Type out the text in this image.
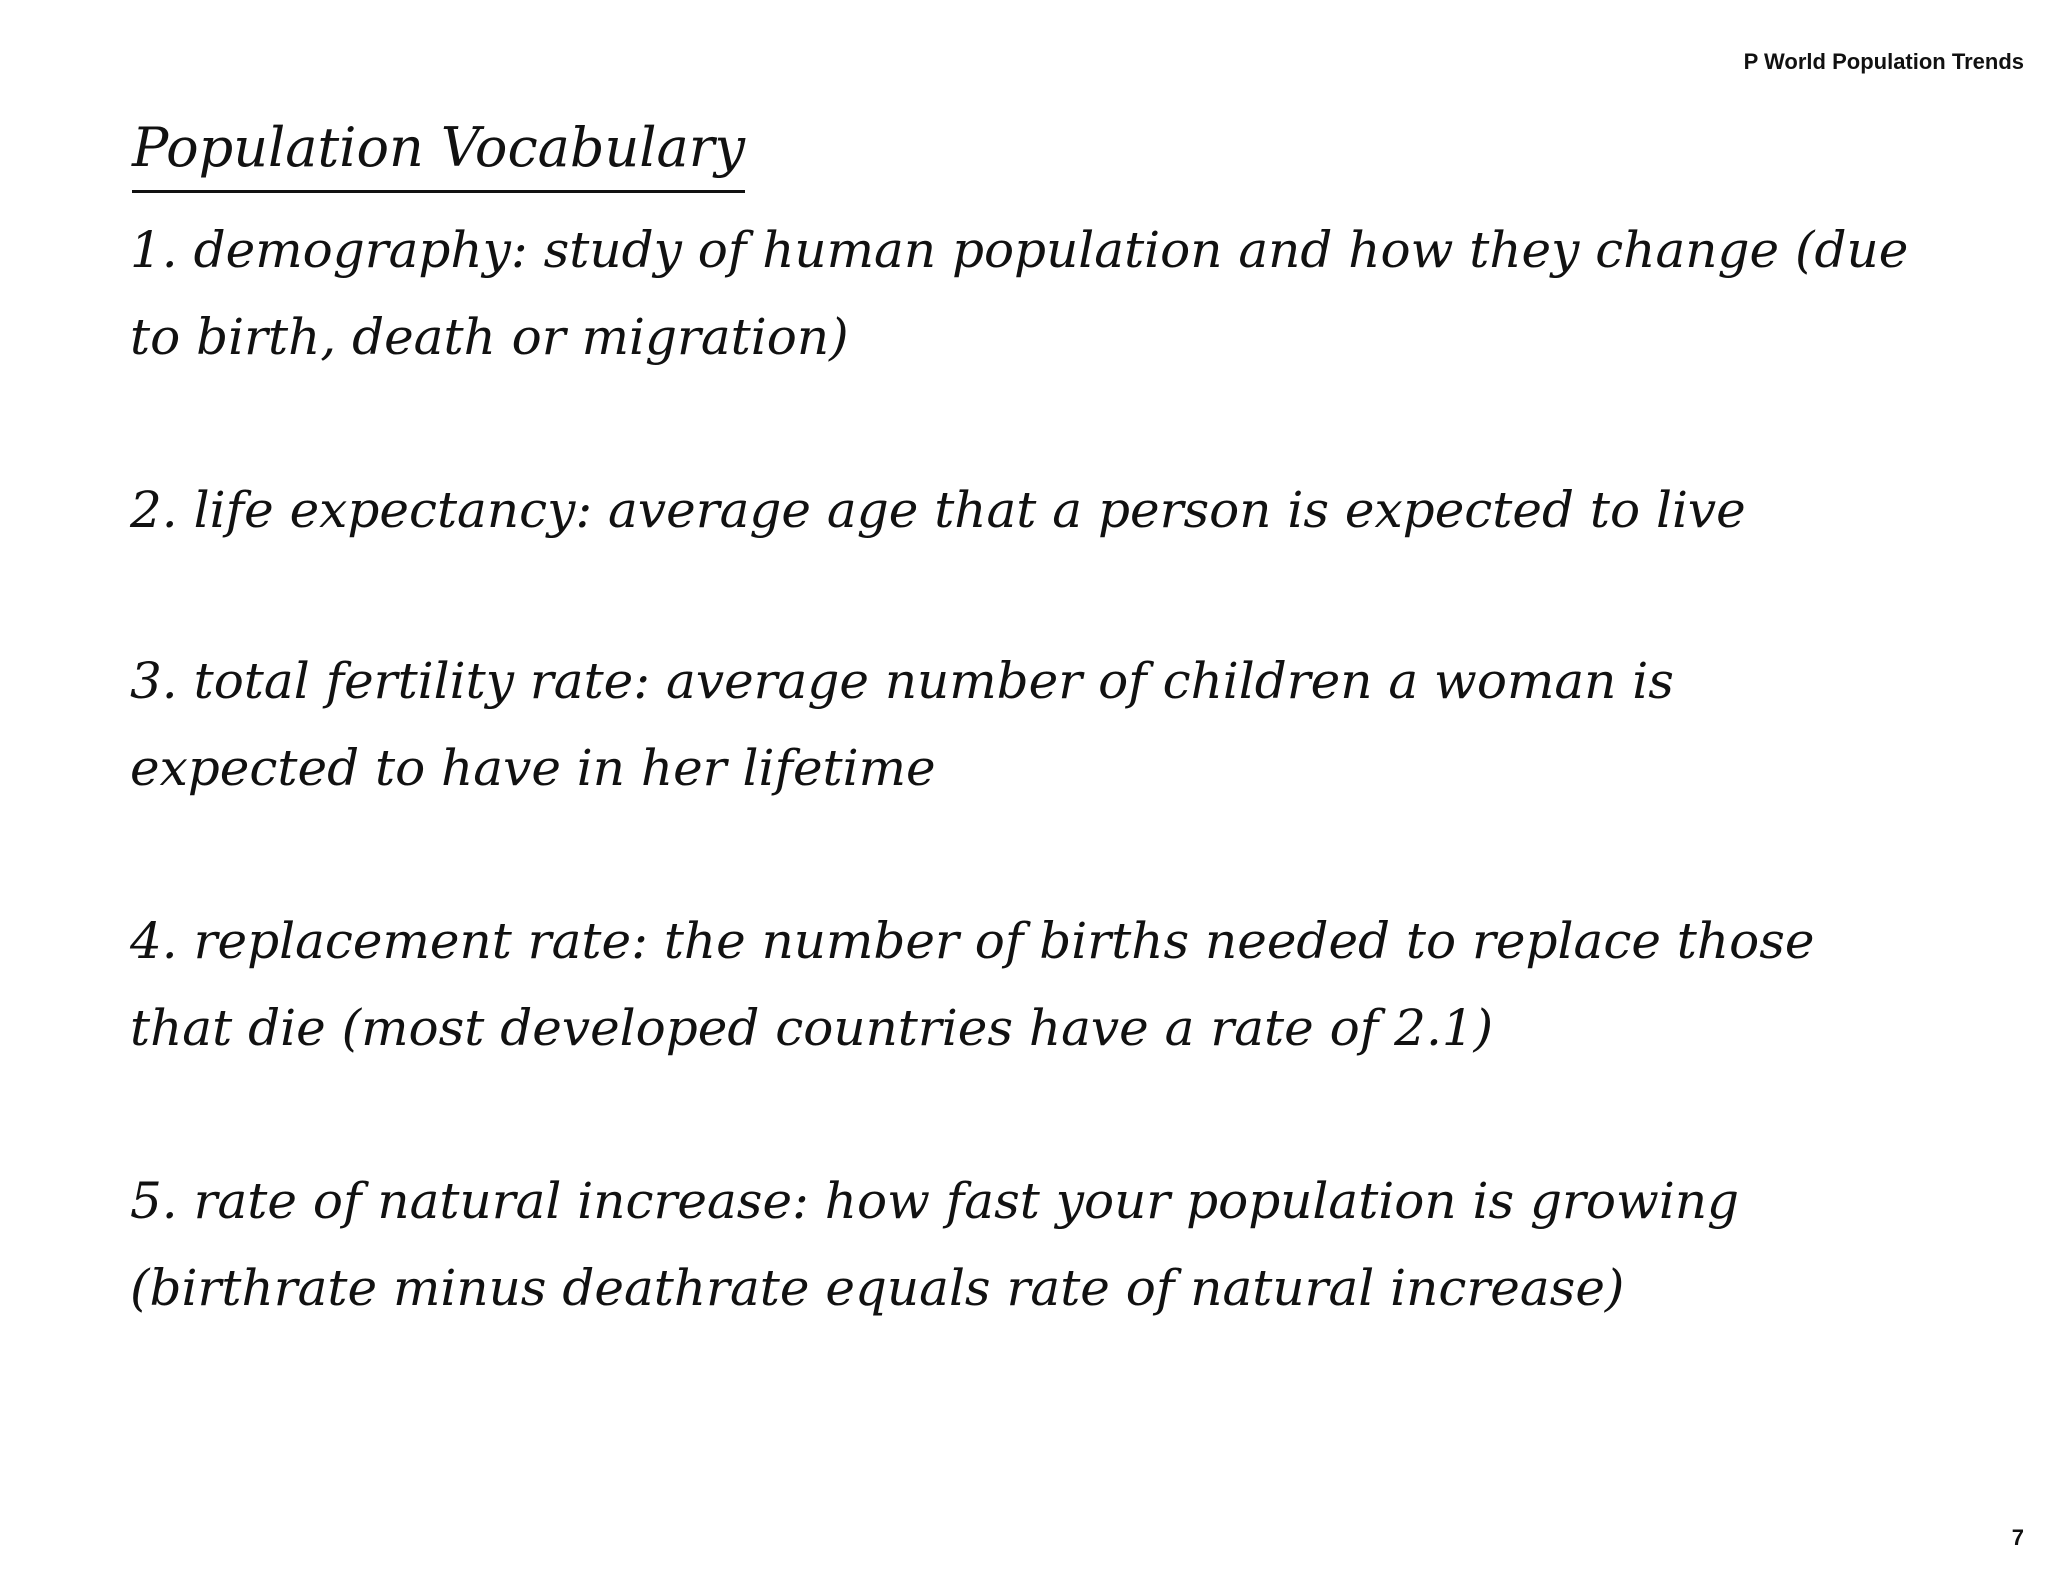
P World Population Trends
Population Vocabulary
1. demography: study of human population and how they change (due to birth, death or migration)
2. life expectancy: average age that a person is expected to live
3. total fertility rate: average number of children a woman is expected to have in her lifetime
4. replacement rate: the number of births needed to replace those that die (most developed countries have a rate of 2.1)
5. rate of natural increase: how fast your population is growing (birthrate minus deathrate equals rate of natural increase)
7
